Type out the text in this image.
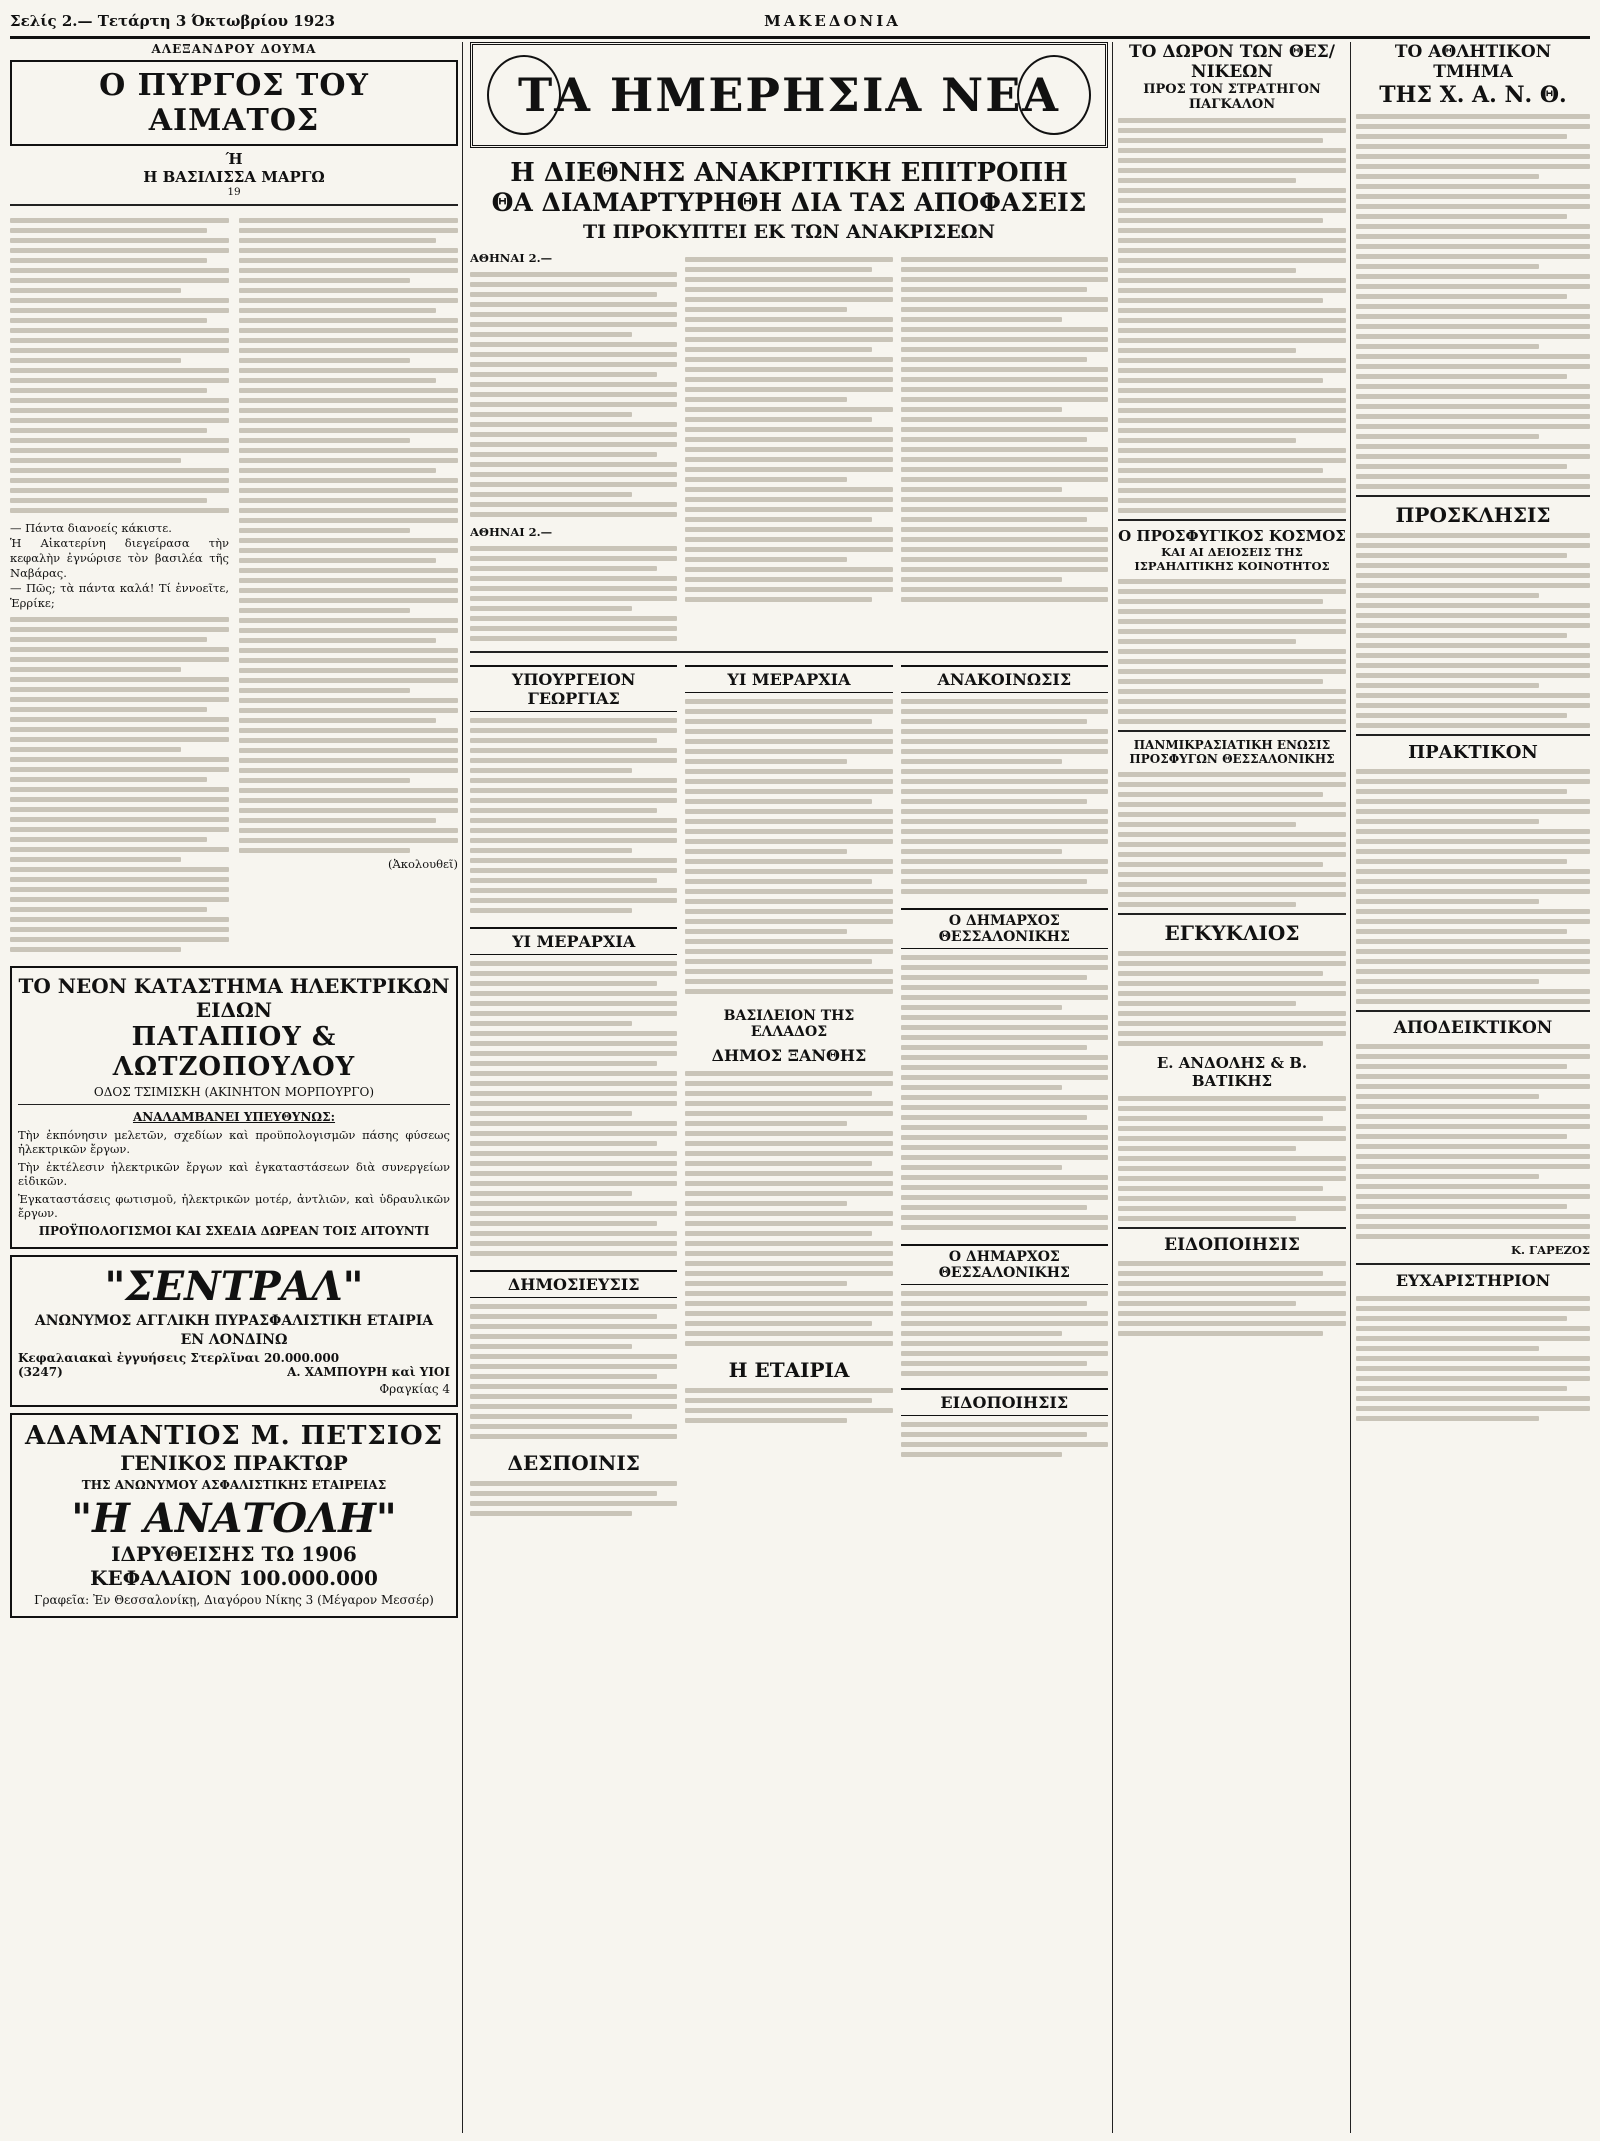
Σελίς 2.— Τετάρτη 3 Όκτωβρίου 1923	ΜΑΚΕΔΟΝΙΑ
ΑΛΕΞΑΝΔΡΟΥ ΔΟΥΜΑ
Ο ΠΥΡΓΟΣ ΤΟΥ ΑΙΜΑΤΟΣ
Ή
Η ΒΑΣΙΛΙΣΣΑ ΜΑΡΓΩ
19

— Πάντα διανοείς κάκιστε.

Ἡ Αἰκατερίνη διεγείρασα τὴν κεφαλὴν ἐγνώρισε τὸν βασιλέα τῆς Ναβάρας.

— Πῶς; τὰ πάντα καλά! Τί ἐννοεῖτε, Ἑρρίκε;

(Ἀκολουθεῖ)
ΤΟ ΝΕΟΝ ΚΑΤΑΣΤΗΜΑ ΗΛΕΚΤΡΙΚΩΝ ΕΙΔΩΝ
ΠΑΤΑΠΙΟΥ & ΛΩΤΖΟΠΟΥΛΟΥ
ΟΔΟΣ ΤΣΙΜΙΣΚΗ (ΑΚΙΝΗΤΟΝ ΜΟΡΠΟΥΡΓΟ)
ΑΝΑΛΑΜΒΑΝΕΙ ΥΠΕΥΘΥΝΩΣ:
Τὴν ἐκπόνησιν μελετῶν, σχεδίων καὶ προϋπολογισμῶν πάσης φύσεως ἠλεκτρικῶν ἔργων.
Τὴν ἐκτέλεσιν ἠλεκτρικῶν ἔργων καὶ ἐγκαταστάσεων διὰ συνεργείων εἰδικῶν.
Ἐγκαταστάσεις φωτισμοῦ, ἠλεκτρικῶν μοτέρ, ἀντλιῶν, καὶ ὑδραυλικῶν ἔργων.
ΠΡΟΫΠΟΛΟΓΙΣΜΟΙ ΚΑΙ ΣΧΕΔΙΑ ΔΩΡΕΑΝ ΤΟΙΣ ΑΙΤΟΥΝΤΙ
"ΣΕΝΤΡΑΛ"
ΑΝΩΝΥΜΟΣ ΑΓΓΛΙΚΗ ΠΥΡΑΣΦΑΛΙΣΤΙΚΗ ΕΤΑΙΡΙΑ
ΕΝ ΛΟΝΔΙΝΩ
Κεφαλαιακαὶ ἐγγυήσεις Στερλῖναι 20.000.000
(3247)	Α. ΧΑΜΠΟΥΡΗ καὶ ΥΙΟΙ
Φραγκίας 4
ΑΔΑΜΑΝΤΙΟΣ Μ. ΠΕΤΣΙΟΣ
ΓΕΝΙΚΟΣ ΠΡΑΚΤΩΡ
ΤΗΣ ΑΝΩΝΥΜΟΥ ΑΣΦΑΛΙΣΤΙΚΗΣ ΕΤΑΙΡΕΙΑΣ
"Η ΑΝΑΤΟΛΗ"
ΙΔΡΥΘΕΙΣΗΣ ΤΩ 1906
ΚΕΦΑΛΑΙΟΝ 100.000.000
Γραφεῖα: Ἐν Θεσσαλονίκῃ, Διαγόρου Νίκης 3 (Μέγαρον Μεσσέρ)
ΤΑ ΗΜΕΡΗΣΙΑ ΝΕΑ
Η ΔΙΕΘΝΗΣ ΑΝΑΚΡΙΤΙΚΗ ΕΠΙΤΡΟΠΗ
ΘΑ ΔΙΑΜΑΡΤΥΡΗΘΗ ΔΙΑ ΤΑΣ ΑΠΟΦΑΣΕΙΣ
ΤΙ ΠΡΟΚΥΠΤΕΙ ΕΚ ΤΩΝ ΑΝΑΚΡΙΣΕΩΝ
ΑΘΗΝΑΙ 2.—
ΑΘΗΝΑΙ 2.—
ΥΠΟΥΡΓΕΙΟΝ ΓΕΩΡΓΙΑΣ
ΥΙ ΜΕΡΑΡΧΙΑ
ΔΗΜΟΣΙΕΥΣΙΣ
ΔΕΣΠΟΙΝΙΣ
ΥΙ ΜΕΡΑΡΧΙΑ
ΒΑΣΙΛΕΙΟΝ ΤΗΣ ΕΛΛΑΔΟΣ
ΔΗΜΟΣ ΞΑΝΘΗΣ
Η ΕΤΑΙΡΙΑ
ΑΝΑΚΟΙΝΩΣΙΣ
Ο ΔΗΜΑΡΧΟΣ ΘΕΣΣΑΛΟΝΙΚΗΣ
Ο ΔΗΜΑΡΧΟΣ ΘΕΣΣΑΛΟΝΙΚΗΣ
ΕΙΔΟΠΟΙΗΣΙΣ
ΤΟ ΔΩΡΟΝ ΤΩΝ ΘΕΣ/ΝΙΚΕΩΝ
ΠΡΟΣ ΤΟΝ ΣΤΡΑΤΗΓΟΝ ΠΑΓΚΑΛΟΝ
Ο ΠΡΟΣΦΥΓΙΚΟΣ ΚΟΣΜΟΣ
ΚΑΙ ΑΙ ΔΕΙΟΣΕΙΣ ΤΗΣ ΙΣΡΑΗΛΙΤΙΚΗΣ ΚΟΙΝΟΤΗΤΟΣ
ΠΑΝΜΙΚΡΑΣΙΑΤΙΚΗ ΕΝΩΣΙΣ ΠΡΟΣΦΥΓΩΝ ΘΕΣΣΑΛΟΝΙΚΗΣ
ΕΓΚΥΚΛΙΟΣ
Ε. ΑΝΔΟΛΗΣ & Β. ΒΑΤΙΚΗΣ
ΕΙΔΟΠΟΙΗΣΙΣ
ΤΟ ΑΘΛΗΤΙΚΟΝ ΤΜΗΜΑ
ΤΗΣ Χ. Α. Ν. Θ.
ΠΡΟΣΚΛΗΣΙΣ
ΠΡΑΚΤΙΚΟΝ
ΑΠΟΔΕΙΚΤΙΚΟΝ
Κ. ΓΑΡΕΖΟΣ
ΕΥΧΑΡΙΣΤΗΡΙΟΝ
